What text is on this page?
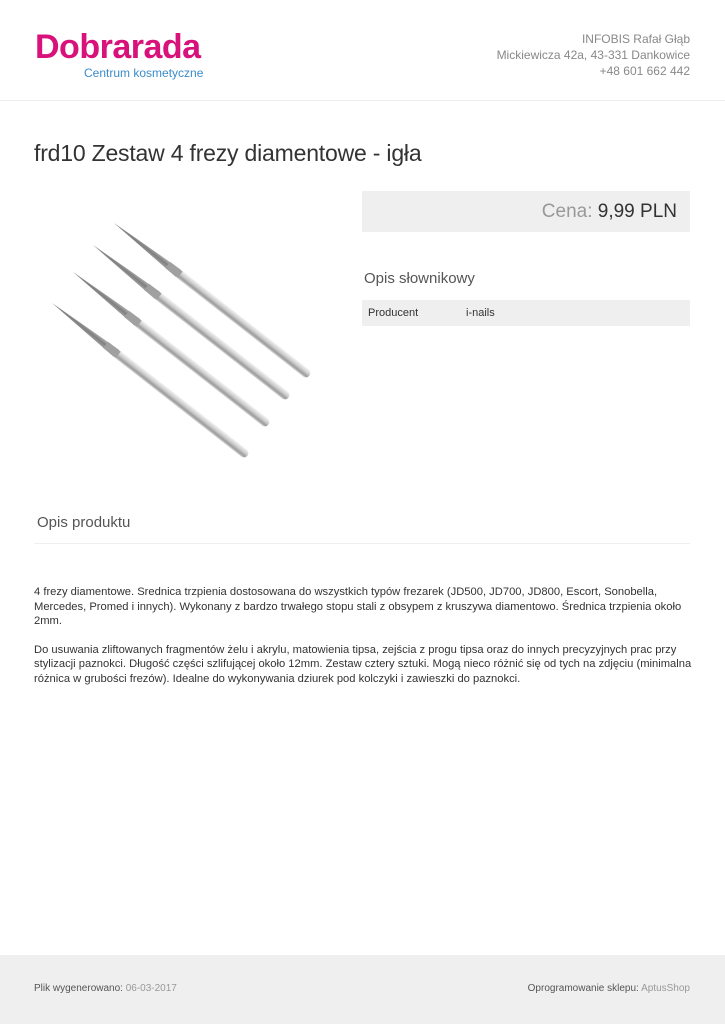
Dobrarada
Centrum kosmetyczne
INFOBIS Rafał Głąb
Mickiewicza 42a, 43-331 Dankowice
+48 601 662 442
frd10 Zestaw 4 frezy diamentowe - igła
Cena: 9,99 PLN
Opis słownikowy
Producent	i-nails
Opis produktu

4 frezy diamentowe. Srednica trzpienia dostosowana do wszystkich typów frezarek (JD500, JD700, JD800, Escort, Sonobella, Mercedes, Promed i innych). Wykonany z bardzo trwałego stopu stali z obsypem z kruszywa diamentowo. Średnica trzpienia około 2mm.

Do usuwania zliftowanych fragmentów żelu i akrylu, matowienia tipsa, zejścia z progu tipsa oraz do innych precyzyjnych prac przy stylizacji paznokci. Długość części szlifującej około 12mm. Zestaw cztery sztuki. Mogą nieco różnić się od tych na zdjęciu (minimalna różnica w grubości frezów). Idealne do wykonywania dziurek pod kolczyki i zawieszki do paznokci.

Plik wygenerowano: 06-03-2017	Oprogramowanie sklepu: AptusShop
